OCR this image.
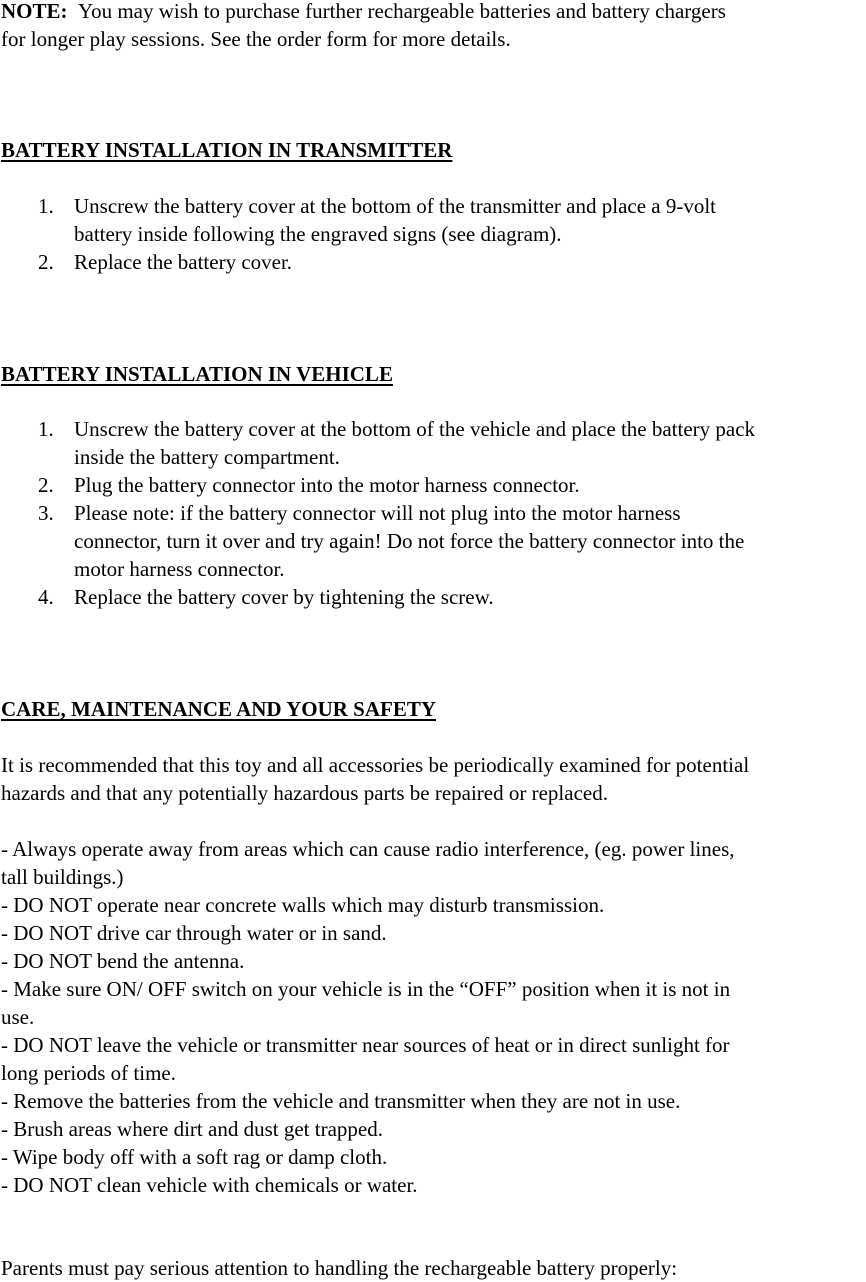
NOTE: You may wish to purchase further rechargeable batteries and battery chargers
for longer play sessions. See the order form for more details.
BATTERY INSTALLATION IN TRANSMITTER
1. Unscrew the battery cover at the bottom of the transmitter and place a 9-volt
battery inside following the engraved signs (see diagram).
2. Replace the battery cover.
BATTERY INSTALLATION IN VEHICLE
1. Unscrew the battery cover at the bottom of the vehicle and place the battery pack
inside the battery compartment.
2. Plug the battery connector into the motor harness connector.
3. Please note: if the battery connector will not plug into the motor harness
connector, turn it over and try again! Do not force the battery connector into the
motor harness connector.
4. Replace the battery cover by tightening the screw.
CARE, MAINTENANCE AND YOUR SAFETY
It is recommended that this toy and all accessories be periodically examined for potential
hazards and that any potentially hazardous parts be repaired or replaced.
- Always operate away from areas which can cause radio interference, (eg. power lines,
tall buildings.)
- DO NOT operate near concrete walls which may disturb transmission.
- DO NOT drive car through water or in sand.
- DO NOT bend the antenna.
- Make sure ON/ OFF switch on your vehicle is in the “OFF” position when it is not in
use.
- DO NOT leave the vehicle or transmitter near sources of heat or in direct sunlight for
long periods of time.
- Remove the batteries from the vehicle and transmitter when they are not in use.
- Brush areas where dirt and dust get trapped.
- Wipe body off with a soft rag or damp cloth.
- DO NOT clean vehicle with chemicals or water.
Parents must pay serious attention to handling the rechargeable battery properly:
